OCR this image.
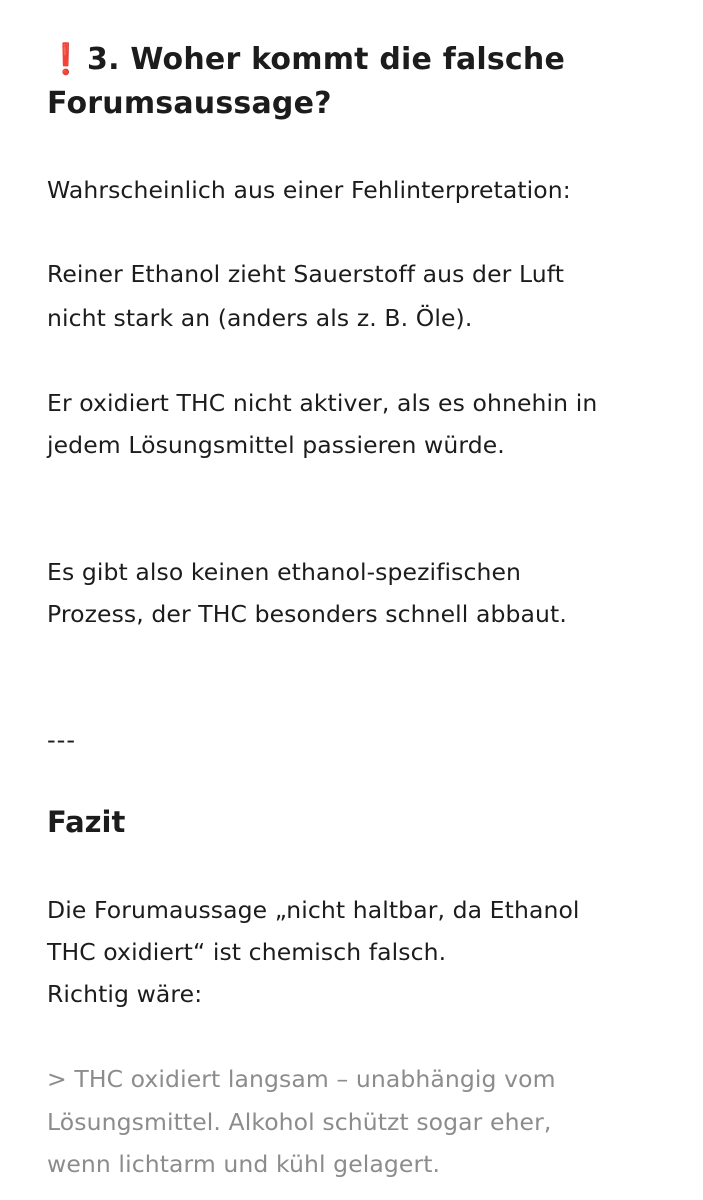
❗3. Woher kommt die falsche
Forumsaussage?
Wahrscheinlich aus einer Fehlinterpretation:
Reiner Ethanol zieht Sauerstoff aus der Luft
nicht stark an (anders als z. B. Öle).
Er oxidiert THC nicht aktiver, als es ohnehin in
jedem Lösungsmittel passieren würde.
Es gibt also keinen ethanol-spezifischen
Prozess, der THC besonders schnell abbaut.
---
Fazit
Die Forumaussage „nicht haltbar, da Ethanol
THC oxidiert“ ist chemisch falsch.
Richtig wäre:
> THC oxidiert langsam – unabhängig vom
Lösungsmittel. Alkohol schützt sogar eher,
wenn lichtarm und kühl gelagert.
